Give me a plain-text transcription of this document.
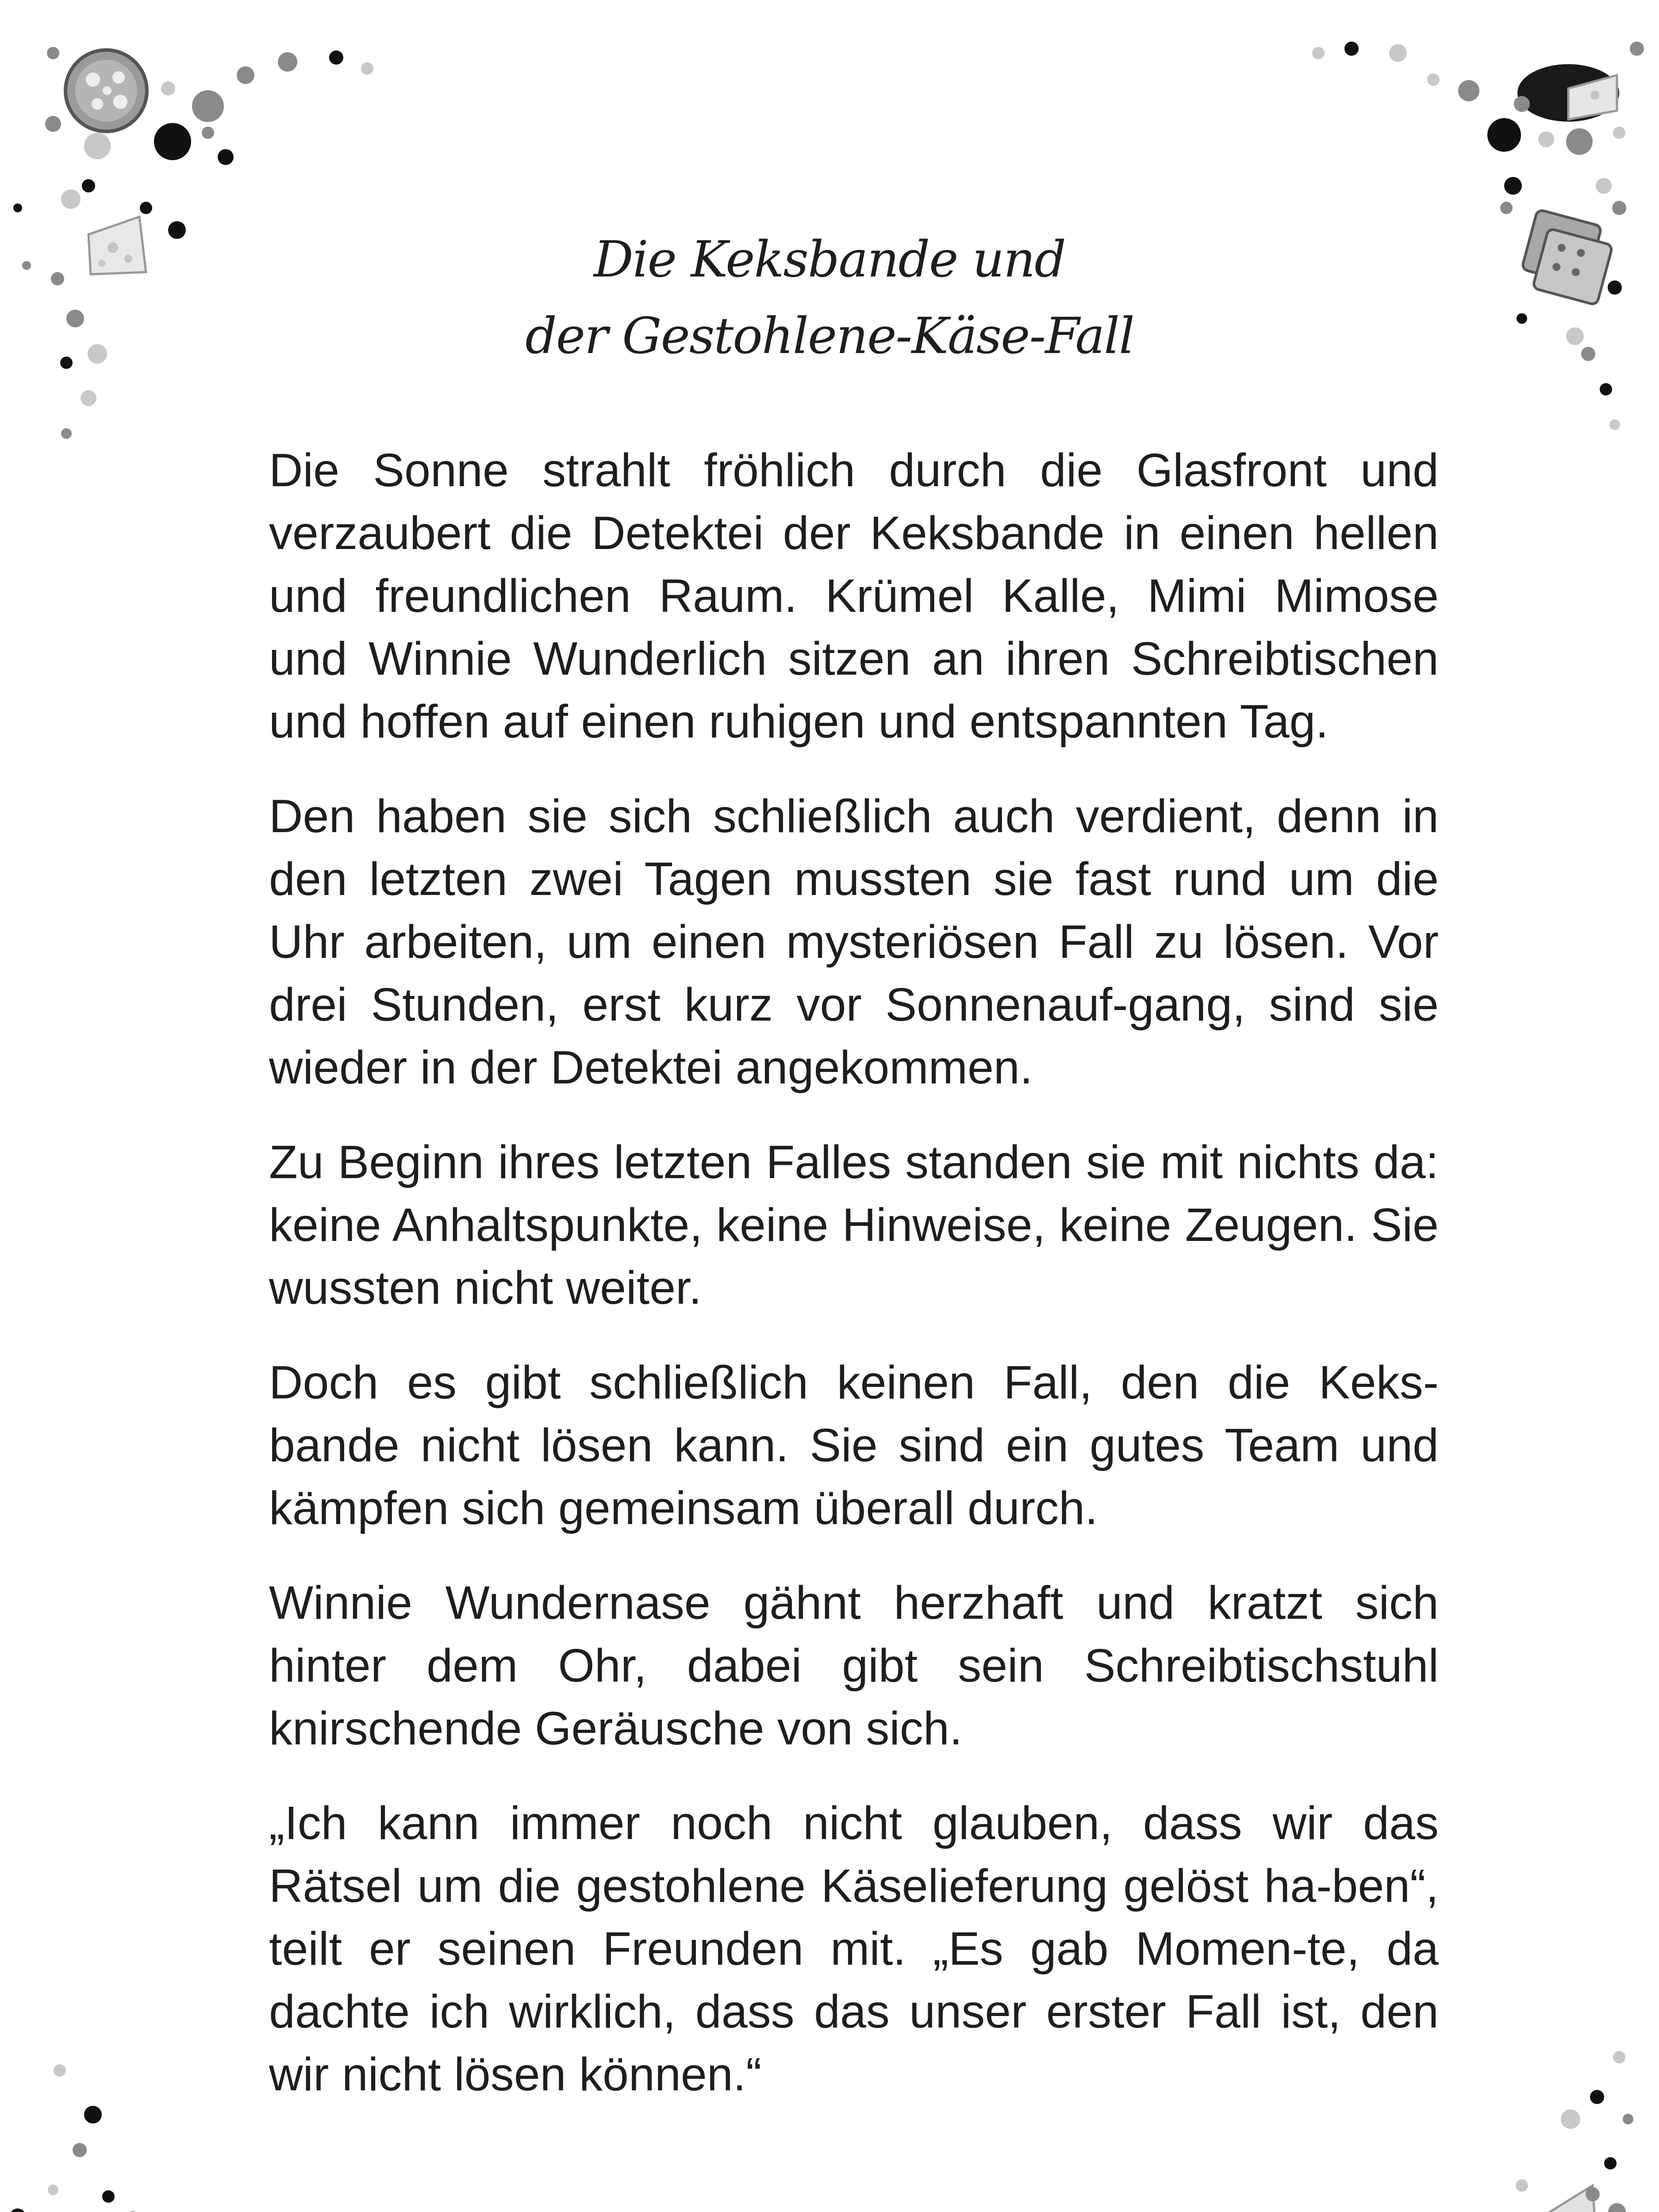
Die Keksbande und
der Gestohlene-Käse-Fall

Die Sonne strahlt fröhlich durch die Glasfront und verzaubert die Detektei der Keksbande in einen hellen und freundlichen Raum. Krümel Kalle, Mimi Mimose und Winnie Wunderlich sitzen an ihren Schreibtischen und hoffen auf einen ruhigen und entspannten Tag.

Den haben sie sich schließlich auch verdient, denn in den letzten zwei Tagen mussten sie fast rund um die Uhr arbeiten, um einen mysteriösen Fall zu lösen. Vor drei Stunden, erst kurz vor Sonnenauf-gang, sind sie wieder in der Detektei angekommen.

Zu Beginn ihres letzten Falles standen sie mit nichts da: keine Anhaltspunkte, keine Hinweise, keine Zeugen. Sie wussten nicht weiter.

Doch es gibt schließlich keinen Fall, den die Keks-bande nicht lösen kann. Sie sind ein gutes Team und kämpfen sich gemeinsam überall durch.

Winnie Wundernase gähnt herzhaft und kratzt sich hinter dem Ohr, dabei gibt sein Schreibtischstuhl knirschende Geräusche von sich.

„Ich kann immer noch nicht glauben, dass wir das Rätsel um die gestohlene Käselieferung gelöst ha-ben“, teilt er seinen Freunden mit. „Es gab Momen-te, da dachte ich wirklich, dass das unser erster Fall ist, den wir nicht lösen können.“
